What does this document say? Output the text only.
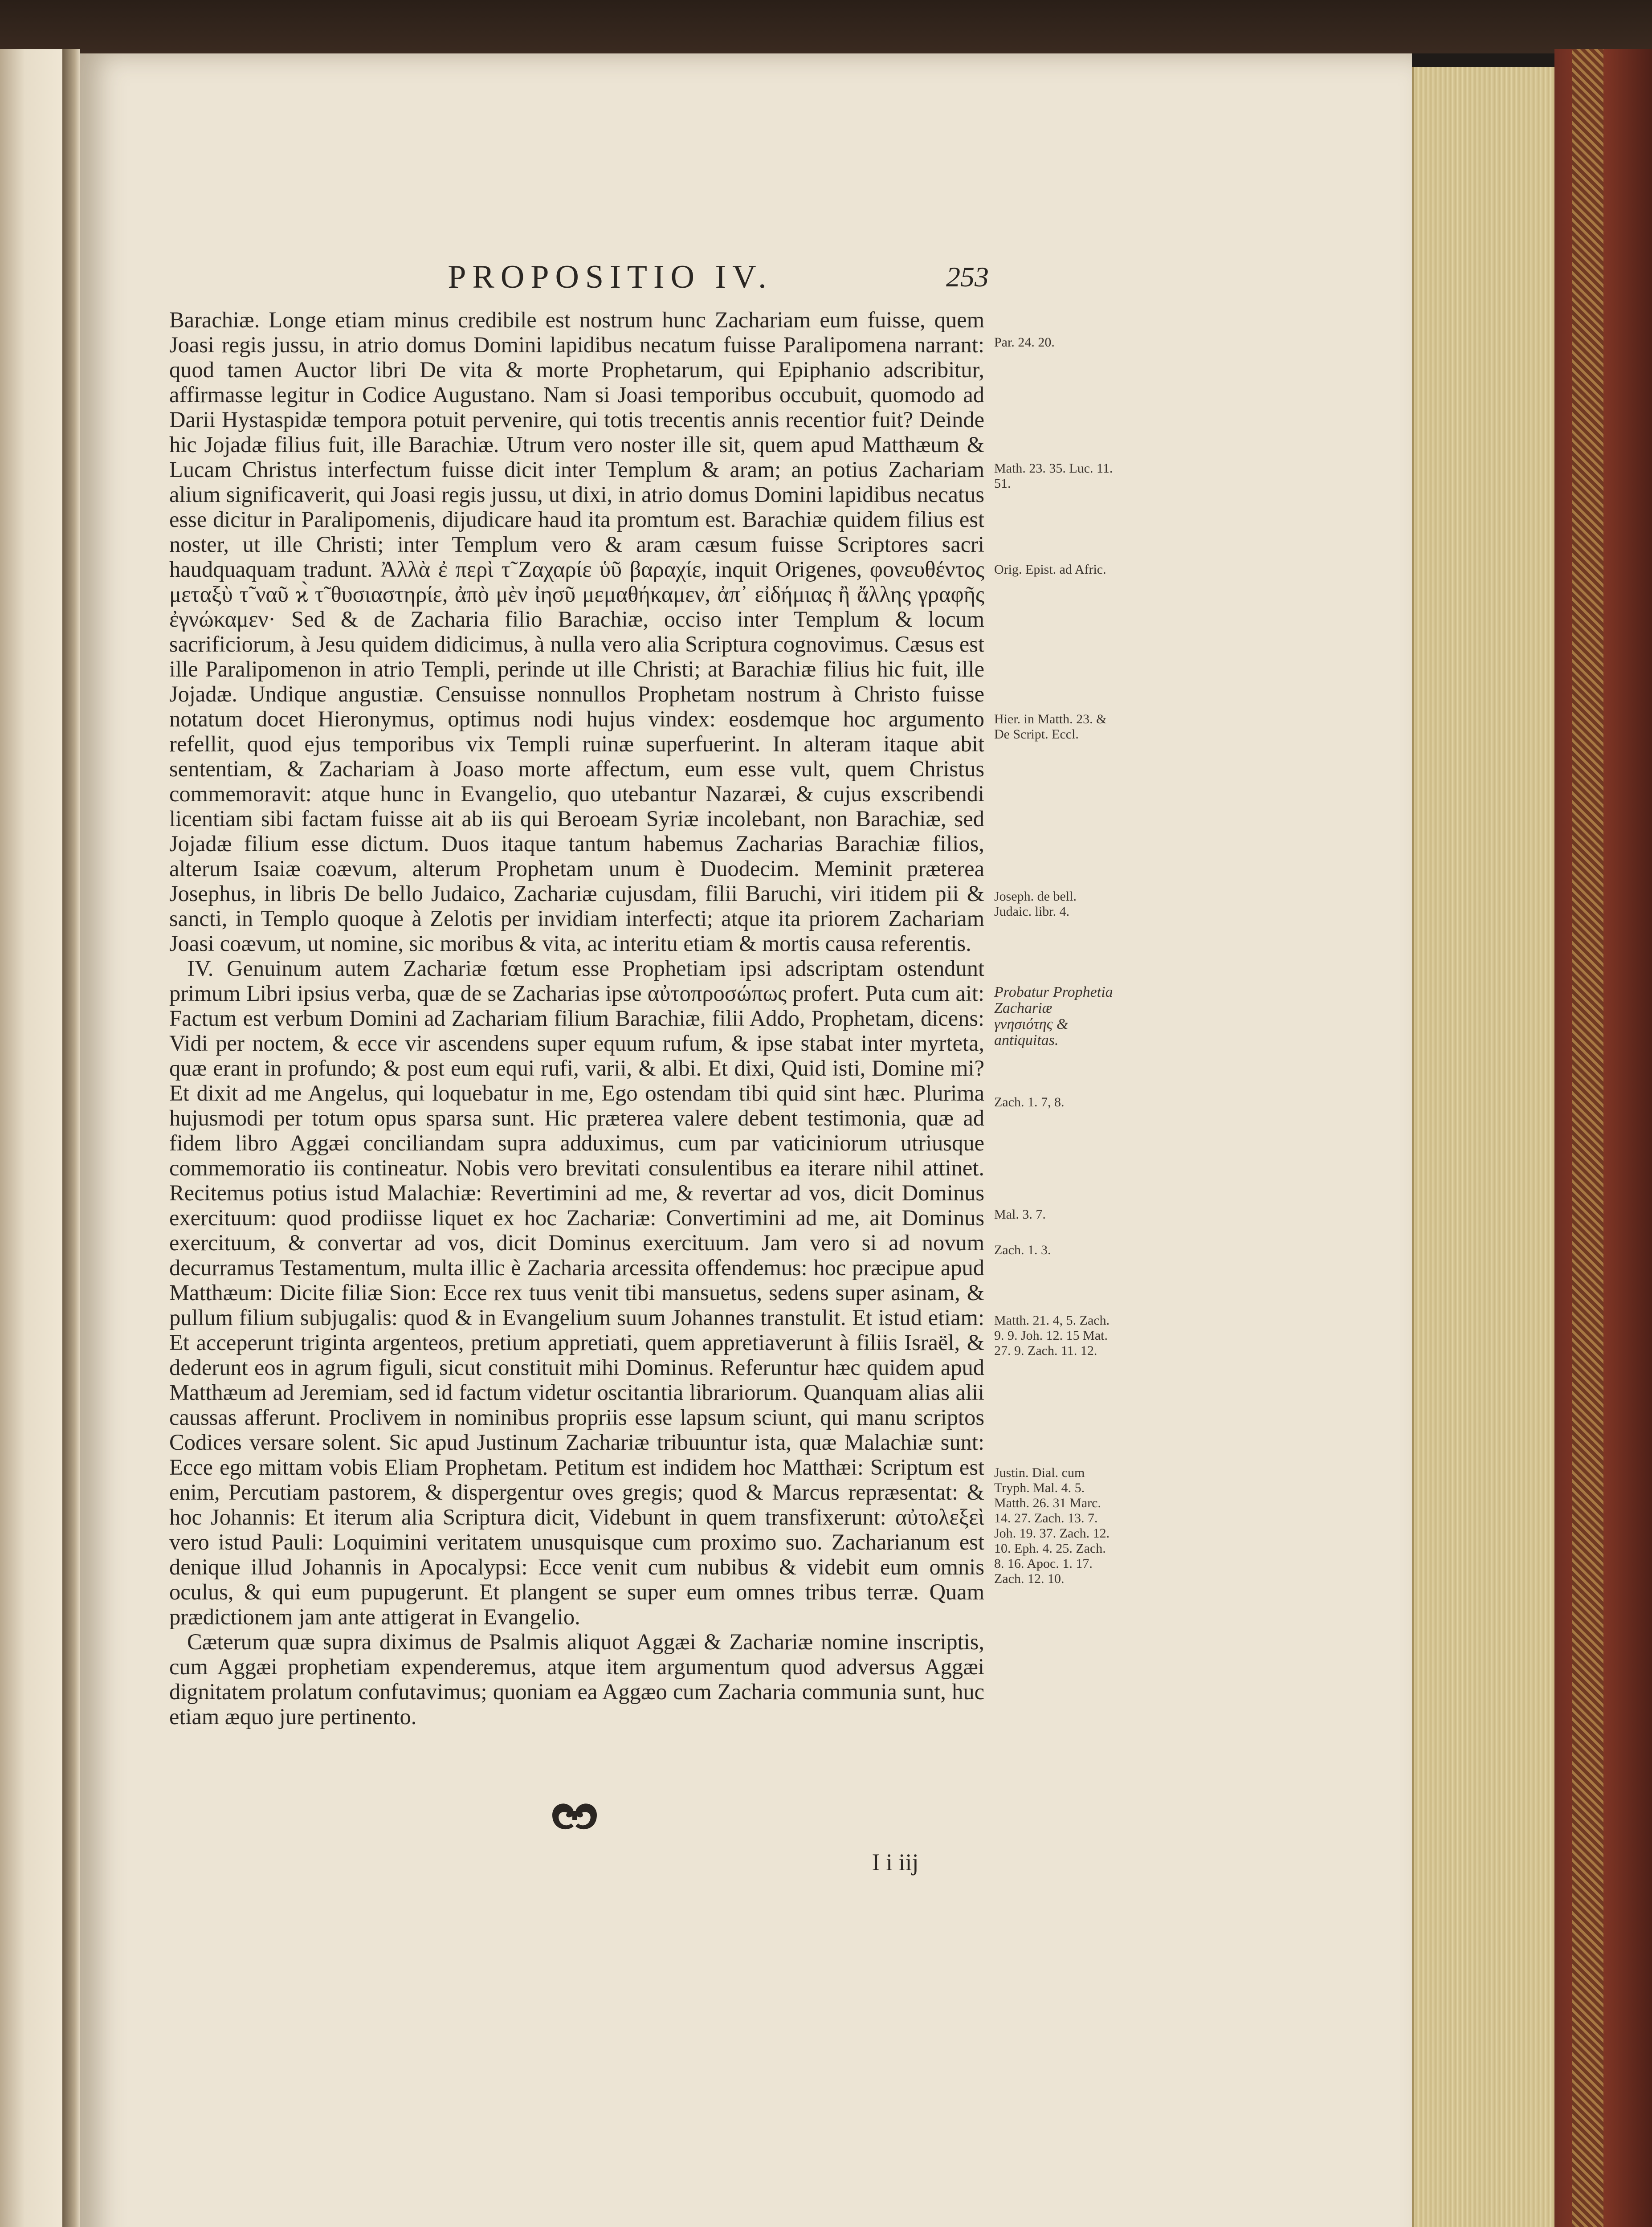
PROPOSITIO IV.	253

Barachiæ. Longe etiam minus credibile est nostrum hunc Zachariam eum fuisse, quem Joasi regis jussu, in atrio domus Domini lapidibus necatum fuisse Paralipomena narrant: quod tamen Auctor libri De vita & morte Prophetarum, qui Epiphanio adscribitur, affirmasse legitur in Codice Augustano. Nam si Joasi temporibus occubuit, quomodo ad Darii Hystaspidæ tempora potuit pervenire, qui totis trecentis annis recentior fuit? Deinde hic Jojadæ filius fuit, ille Barachiæ. Utrum vero noster ille sit, quem apud Matthæum & Lucam Christus interfectum fuisse dicit inter Templum & aram; an potius Zachariam alium significaverit, qui Joasi regis jussu, ut dixi, in atrio domus Domini lapidibus necatus esse dicitur in Paralipomenis, dijudicare haud ita promtum est. Barachiæ quidem filius est noster, ut ille Christi; inter Templum vero & aram cæsum fuisse Scriptores sacri haudquaquam tradunt. Ἀλλὰ ἐ περὶ τ̃ Ζαχαρίε ὑῦ βαραχίε, inquit Origenes, φονευθέντος μεταξὺ τ̃ ναῦ ϰ̀ τ̃ θυσιαστηρίε, ἀπὸ μὲν ἰησῦ μεμαθήκαμεν, ἀπ᾽ εἰδήμιας ἢ ἄλλης γραφῆς ἐγνώκαμεν· Sed & de Zacharia filio Barachiæ, occiso inter Templum & locum sacrificiorum, à Jesu quidem didicimus, à nulla vero alia Scriptura cognovimus. Cæsus est ille Paralipomenon in atrio Templi, perinde ut ille Christi; at Barachiæ filius hic fuit, ille Jojadæ. Undique angustiæ. Censuisse nonnullos Prophetam nostrum à Christo fuisse notatum docet Hieronymus, optimus nodi hujus vindex: eosdemque hoc argumento refellit, quod ejus temporibus vix Templi ruinæ superfuerint. In alteram itaque abit sententiam, & Zachariam à Joaso morte affectum, eum esse vult, quem Christus commemoravit: atque hunc in Evangelio, quo utebantur Nazaræi, & cujus exscribendi licentiam sibi factam fuisse ait ab iis qui Beroeam Syriæ incolebant, non Barachiæ, sed Jojadæ filium esse dictum. Duos itaque tantum habemus Zacharias Barachiæ filios, alterum Isaiæ coævum, alterum Prophetam unum è Duodecim. Meminit præterea Josephus, in libris De bello Judaico, Zachariæ cujusdam, filii Baruchi, viri itidem pii & sancti, in Templo quoque à Zelotis per invidiam interfecti; atque ita priorem Zachariam Joasi coævum, ut nomine, sic moribus & vita, ac interitu etiam & mortis causa referentis.

IV. Genuinum autem Zachariæ fœtum esse Prophetiam ipsi adscriptam ostendunt primum Libri ipsius verba, quæ de se Zacharias ipse αὐτοπροσώπως profert. Puta cum ait: Factum est verbum Domini ad Zachariam filium Barachiæ, filii Addo, Prophetam, dicens: Vidi per noctem, & ecce vir ascendens super equum rufum, & ipse stabat inter myrteta, quæ erant in profundo; & post eum equi rufi, varii, & albi. Et dixi, Quid isti, Domine mi? Et dixit ad me Angelus, qui loquebatur in me, Ego ostendam tibi quid sint hæc. Plurima hujusmodi per totum opus sparsa sunt. Hic præterea valere debent testimonia, quæ ad fidem libro Aggæi conciliandam supra adduximus, cum par vaticiniorum utriusque commemoratio iis contineatur. Nobis vero brevitati consulentibus ea iterare nihil attinet. Recitemus potius istud Malachiæ: Revertimini ad me, & revertar ad vos, dicit Dominus exercituum: quod prodiisse liquet ex hoc Zachariæ: Convertimini ad me, ait Dominus exercituum, & convertar ad vos, dicit Dominus exercituum. Jam vero si ad novum decurramus Testamentum, multa illic è Zacharia arcessita offendemus: hoc præcipue apud Matthæum: Dicite filiæ Sion: Ecce rex tuus venit tibi mansuetus, sedens super asinam, & pullum filium subjugalis: quod & in Evangelium suum Johannes transtulit. Et istud etiam: Et acceperunt triginta argenteos, pretium appretiati, quem appretiaverunt à filiis Israël, & dederunt eos in agrum figuli, sicut constituit mihi Dominus. Referuntur hæc quidem apud Matthæum ad Jeremiam, sed id factum videtur oscitantia librariorum. Quanquam alias alii caussas afferunt. Proclivem in nominibus propriis esse lapsum sciunt, qui manu scriptos Codices versare solent. Sic apud Justinum Zachariæ tribuuntur ista, quæ Malachiæ sunt: Ecce ego mittam vobis Eliam Prophetam. Petitum est indidem hoc Matthæi: Scriptum est enim, Percutiam pastorem, & dispergentur oves gregis; quod & Marcus repræsentat: & hoc Johannis: Et iterum alia Scriptura dicit, Videbunt in quem transfixerunt: αὐτολεξεὶ vero istud Pauli: Loquimini veritatem unusquisque cum proximo suo. Zacharianum est denique illud Johannis in Apocalypsi: Ecce venit cum nubibus & videbit eum omnis oculus, & qui eum pupugerunt. Et plangent se super eum omnes tribus terræ. Quam prædictionem jam ante attigerat in Evangelio.

Cæterum quæ supra diximus de Psalmis aliquot Aggæi & Zachariæ nomine inscriptis, cum Aggæi prophetiam expenderemus, atque item argumentum quod adversus Aggæi dignitatem prolatum confutavimus; quoniam ea Aggæo cum Zacharia communia sunt, huc etiam æquo jure pertinento.

Par. 24. 20.
Math. 23. 35. Luc. 11. 51.
Orig. Epist. ad Afric.
Hier. in Matth. 23. & De Script. Eccl.
Joseph. de bell. Judaic. libr. 4.
Probatur Prophetia Zachariæ γνησιότης & antiquitas.
Zach. 1. 7, 8.
Mal. 3. 7.
Zach. 1. 3.
Matth. 21. 4, 5. Zach. 9. 9. Joh. 12. 15 Mat. 27. 9. Zach. 11. 12.
Justin. Dial. cum Tryph. Mal. 4. 5. Matth. 26. 31 Marc. 14. 27. Zach. 13. 7. Joh. 19. 37. Zach. 12. 10. Eph. 4. 25. Zach. 8. 16. Apoc. 1. 17. Zach. 12. 10.
I i iij
